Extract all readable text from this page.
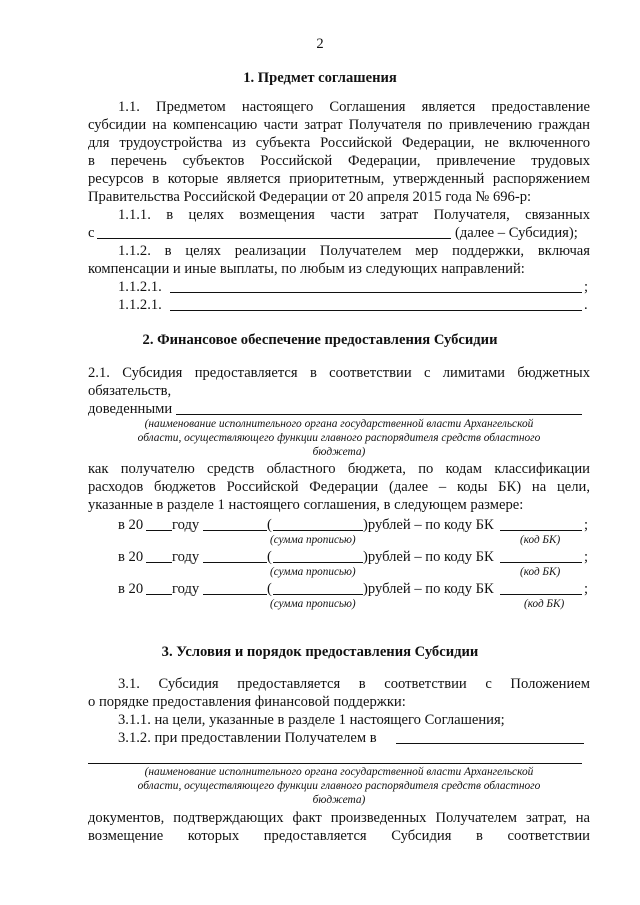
2
1. Предмет соглашения
1.1. Предметом настоящего Соглашения является предоставление
субсидии на компенсацию части затрат Получателя по привлечению граждан
для трудоустройства из субъекта Российской Федерации, не включенного
в перечень субъектов Российской Федерации, привлечение трудовых
ресурсов в которые является приоритетным, утвержденный распоряжением
Правительства Российской Федерации от 20 апреля 2015 года № 696-р:
1.1.1. в целях возмещения части затрат Получателя, связанных
с	(далее – Субсидия);
1.1.2. в целях реализации Получателем мер поддержки, включая
компенсации и иные выплаты, по любым из следующих направлений:
1.1.2.1.	;
1.1.2.1.	.
2. Финансовое обеспечение предоставления Субсидии
2.1. Субсидия предоставляется в соответствии с лимитами бюджетных
обязательств,
доведенными
(наименование исполнительного органа государственной власти Архангельской
области, осуществляющего функции главного распорядителя средств областного
бюджета)
как получателю средств областного бюджета, по кодам классификации
расходов бюджетов Российской Федерации (далее – коды БК) на цели,
указанные в разделе 1 настоящего соглашения, в следующем размере:
в 20 году	(	)рублей – по коду БК	;
(сумма прописью)	(код БК)
в 20 году	(	)рублей – по коду БК	;
(сумма прописью)	(код БК)
в 20 году	(	)рублей – по коду БК	;
(сумма прописью)	(код БК)
3. Условия и порядок предоставления Субсидии
3.1. Субсидия предоставляется в соответствии с Положением
о порядке предоставления финансовой поддержки:
3.1.1. на цели, указанные в разделе 1 настоящего Соглашения;
3.1.2. при предоставлении Получателем в
(наименование исполнительного органа государственной власти Архангельской
области, осуществляющего функции главного распорядителя средств областного
бюджета)
документов, подтверждающих факт произведенных Получателем затрат, на
возмещение которых предоставляется Субсидия в соответствии
